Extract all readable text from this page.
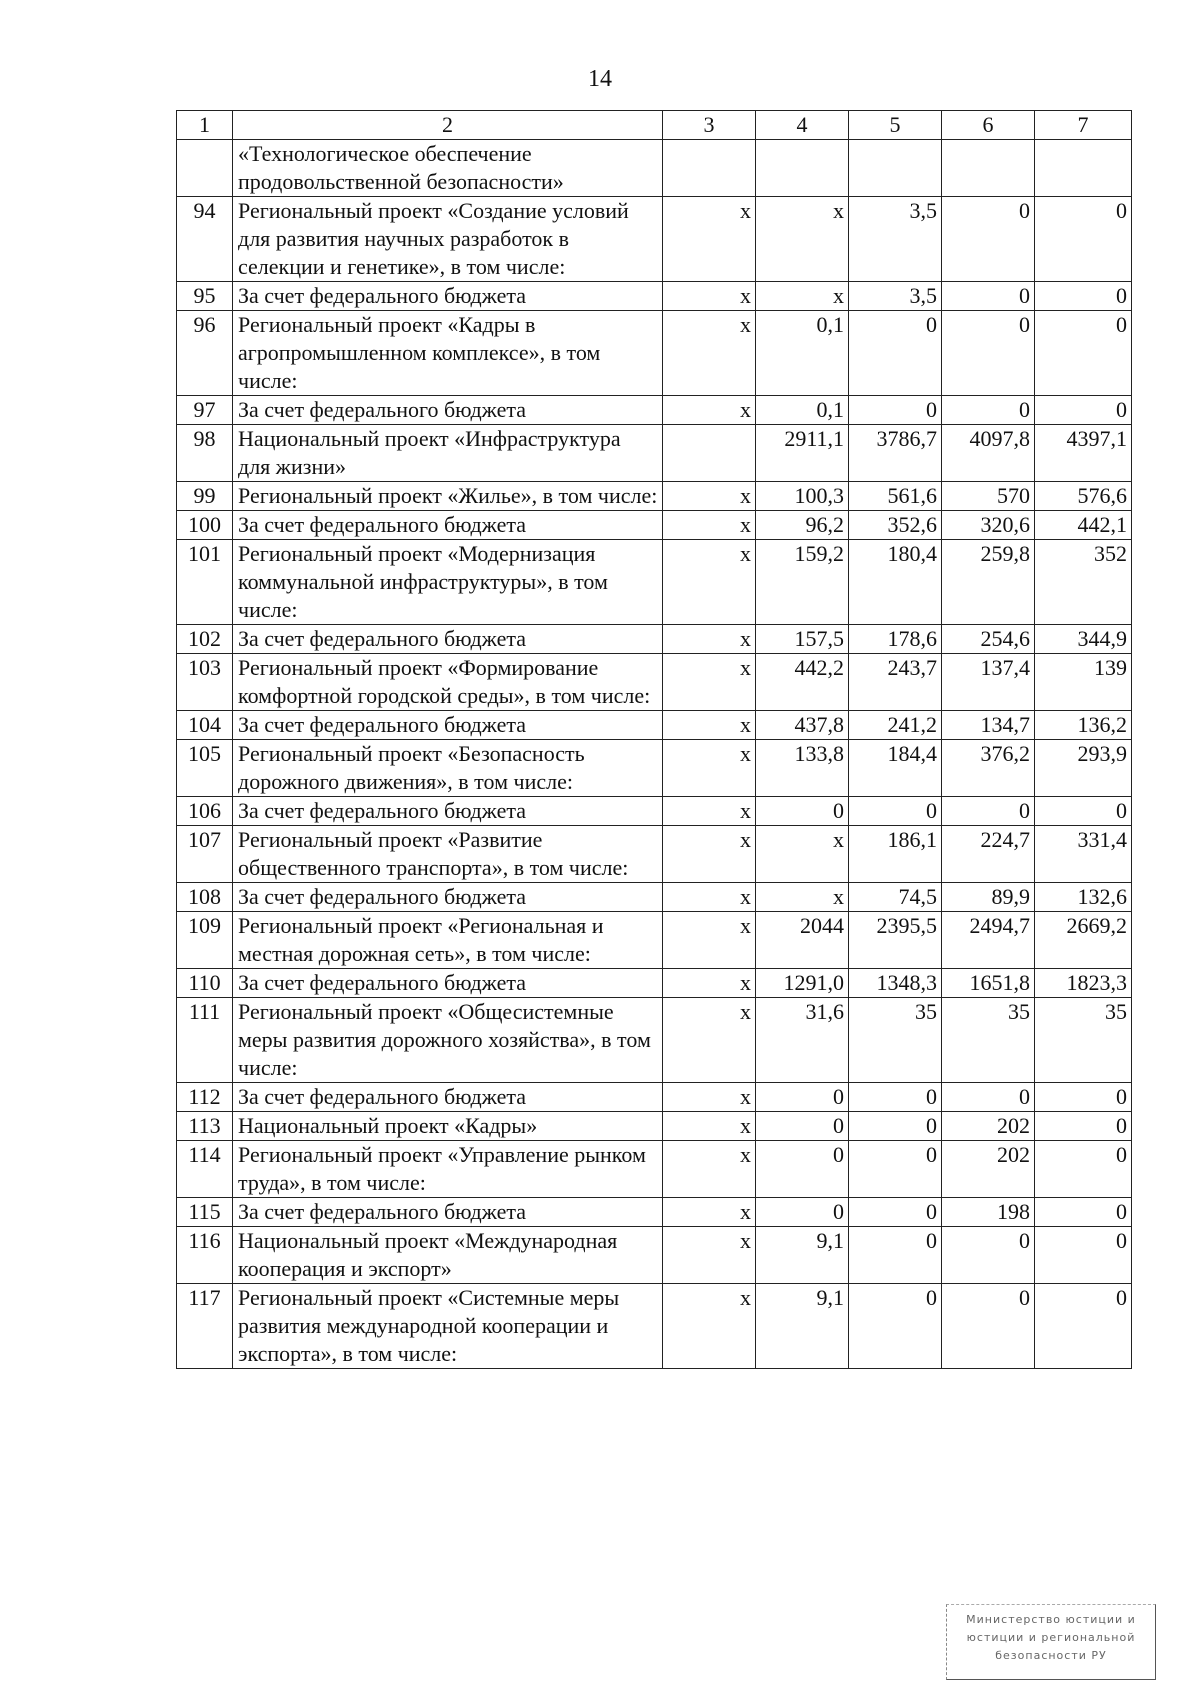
14
1	2	3	4	5	6	7
	«Технологическое обеспечение продовольственной безопасности»					
94	Региональный проект «Создание условий для развития научных разработок в селекции и генетике», в том числе:	x	x	3,5	0	0
95	За счет федерального бюджета	x	x	3,5	0	0
96	Региональный проект «Кадры в агропромышленном комплексе», в том числе:	x	0,1	0	0	0
97	За счет федерального бюджета	x	0,1	0	0	0
98	Национальный проект «Инфраструктура для жизни»		2911,1	3786,7	4097,8	4397,1
99	Региональный проект «Жилье», в том числе:	x	100,3	561,6	570	576,6
100	За счет федерального бюджета	x	96,2	352,6	320,6	442,1
101	Региональный проект «Модернизация коммунальной инфраструктуры», в том числе:	x	159,2	180,4	259,8	352
102	За счет федерального бюджета	x	157,5	178,6	254,6	344,9
103	Региональный проект «Формирование комфортной городской среды», в том числе:	x	442,2	243,7	137,4	139
104	За счет федерального бюджета	x	437,8	241,2	134,7	136,2
105	Региональный проект «Безопасность дорожного движения», в том числе:	x	133,8	184,4	376,2	293,9
106	За счет федерального бюджета	x	0	0	0	0
107	Региональный проект «Развитие общественного транспорта», в том числе:	x	x	186,1	224,7	331,4
108	За счет федерального бюджета	x	x	74,5	89,9	132,6
109	Региональный проект «Региональная и местная дорожная сеть», в том числе:	x	2044	2395,5	2494,7	2669,2
110	За счет федерального бюджета	x	1291,0	1348,3	1651,8	1823,3
111	Региональный проект «Общесистемные меры развития дорожного хозяйства», в том числе:	x	31,6	35	35	35
112	За счет федерального бюджета	x	0	0	0	0
113	Национальный проект «Кадры»	x	0	0	202	0
114	Региональный проект «Управление рынком труда», в том числе:	x	0	0	202	0
115	За счет федерального бюджета	x	0	0	198	0
116	Национальный проект «Международная кооперация и экспорт»	x	9,1	0	0	0
117	Региональный проект «Системные меры развития международной кооперации и экспорта», в том числе:	x	9,1	0	0	0
Министерство юстиции и
юстиции и региональной
безопасности РУ
